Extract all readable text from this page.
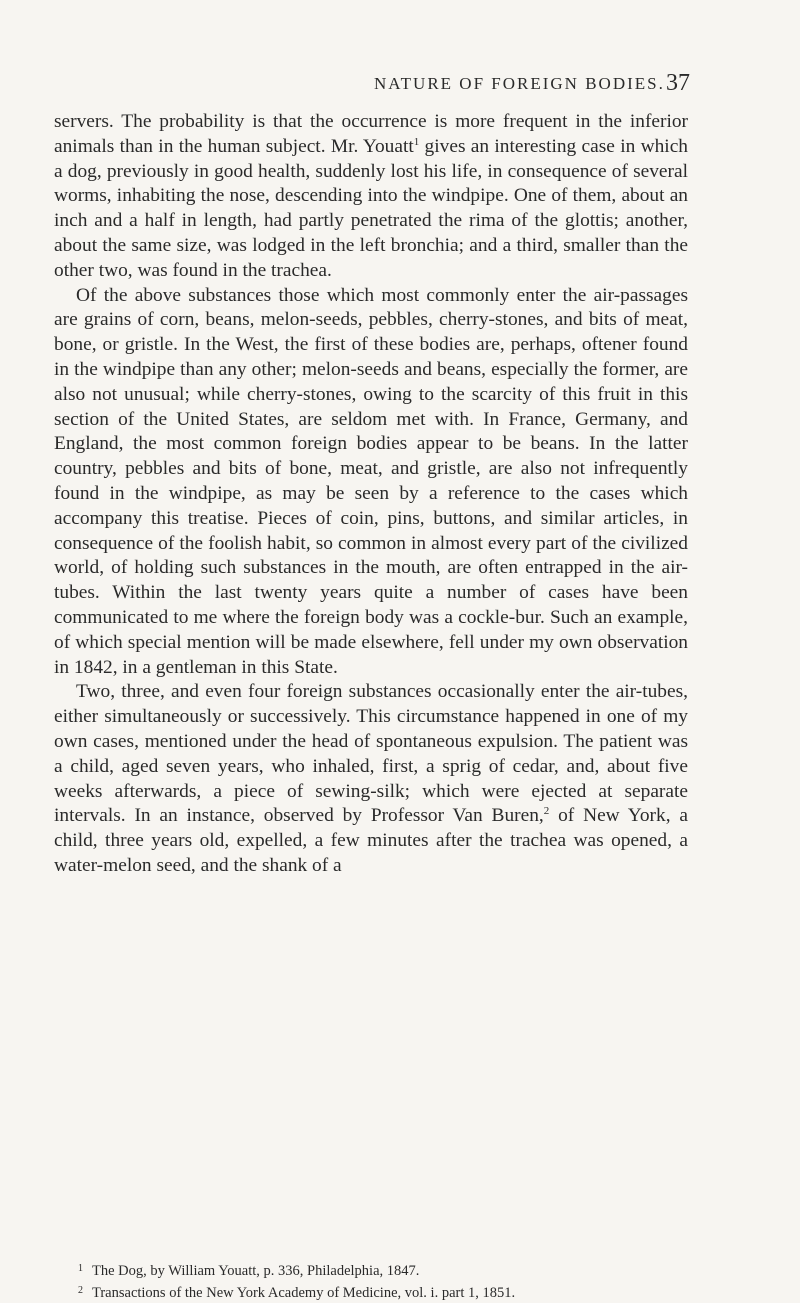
NATURE OF FOREIGN BODIES. 37

servers. The probability is that the occurrence is more frequent in the inferior animals than in the human subject. Mr. Youatt$^1$ gives an interesting case in which a dog, previously in good health, suddenly lost his life, in consequence of several worms, inhabiting the nose, descending into the windpipe. One of them, about an inch and a half in length, had partly penetrated the rima of the glottis; another, about the same size, was lodged in the left bronchia; and a third, smaller than the other two, was found in the trachea.

Of the above substances those which most commonly enter the air-passages are grains of corn, beans, melon-seeds, pebbles, cherry-stones, and bits of meat, bone, or gristle. In the West, the first of these bodies are, perhaps, oftener found in the windpipe than any other; melon-seeds and beans, especially the former, are also not unusual; while cherry-stones, owing to the scarcity of this fruit in this section of the United States, are seldom met with. In France, Germany, and England, the most common foreign bodies appear to be beans. In the latter country, pebbles and bits of bone, meat, and gristle, are also not infrequently found in the windpipe, as may be seen by a reference to the cases which accompany this treatise. Pieces of coin, pins, buttons, and similar articles, in consequence of the foolish habit, so common in almost every part of the civilized world, of holding such substances in the mouth, are often entrapped in the air-tubes. Within the last twenty years quite a number of cases have been communicated to me where the foreign body was a cockle-bur. Such an example, of which special mention will be made elsewhere, fell under my own observation in 1842, in a gentleman in this State.

Two, three, and even four foreign substances occasionally enter the air-tubes, either simultaneously or successively. This circumstance happened in one of my own cases, mentioned under the head of spontaneous expulsion. The patient was a child, aged seven years, who inhaled, first, a sprig of cedar, and, about five weeks afterwards, a piece of sewing-silk; which were ejected at separate intervals. In an instance, observed by Professor Van Buren,$^2$ of New York, a child, three years old, expelled, a few minutes after the trachea was opened, a water-melon seed, and the shank of a

1 The Dog, by William Youatt, p. 336, Philadelphia, 1847.
2 Transactions of the New York Academy of Medicine, vol. i. part 1, 1851.
